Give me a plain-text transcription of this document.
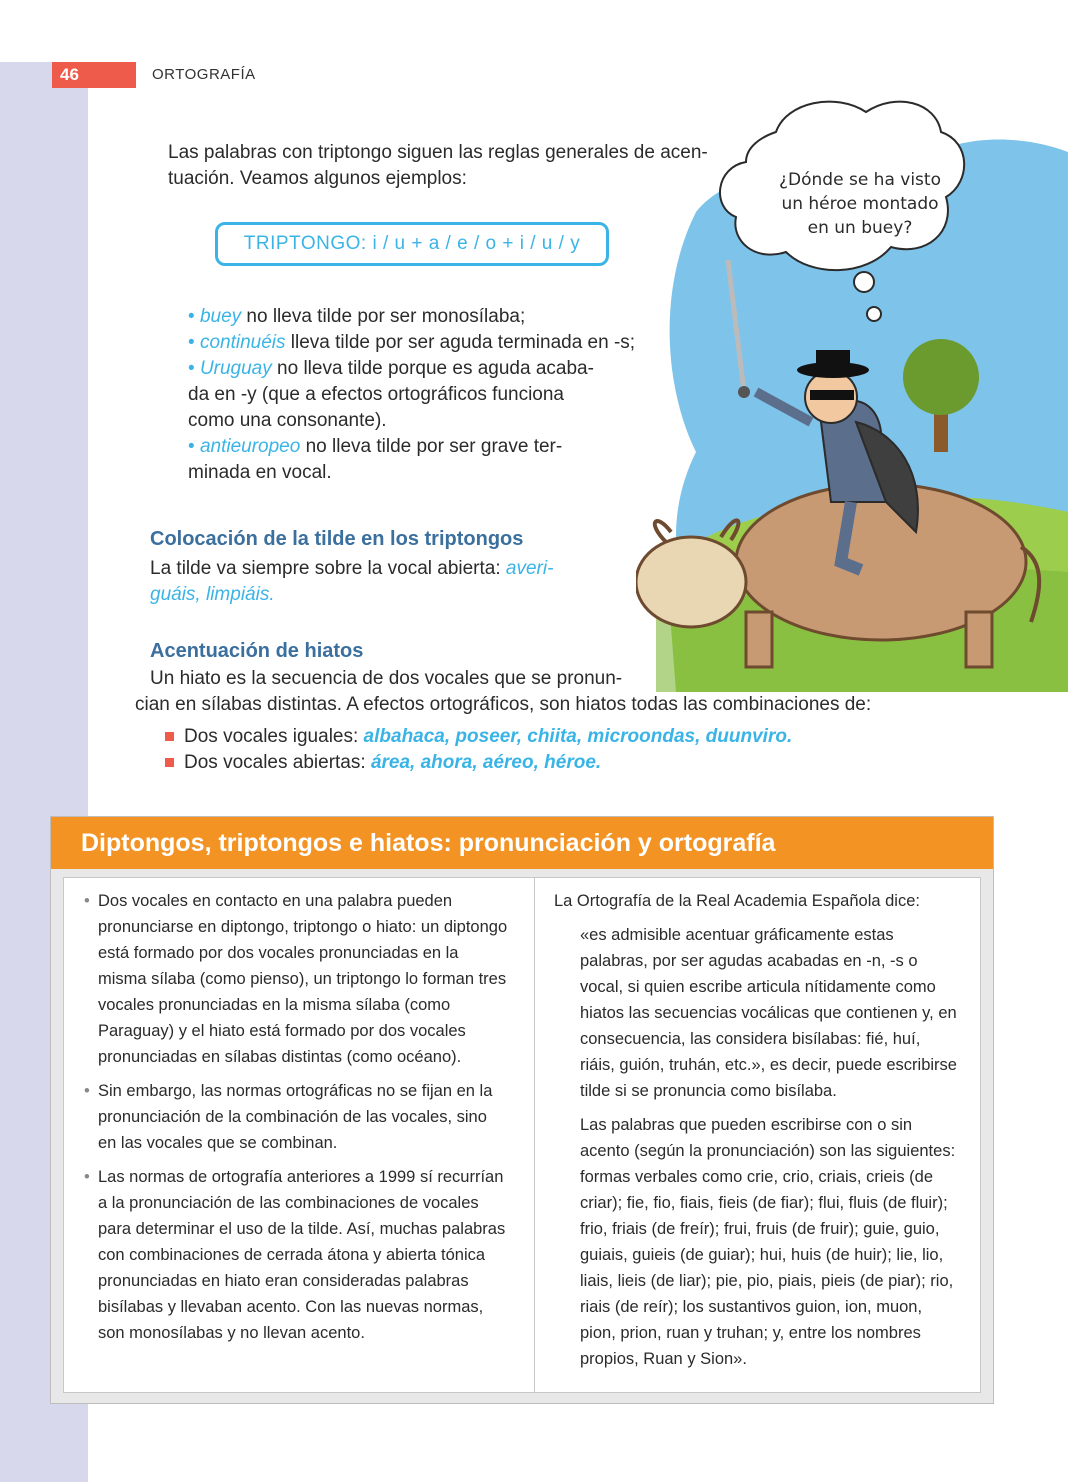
46	ORTOGRAFÍA
¿Dónde se ha visto
un héroe montado
en un buey?

Las palabras con triptongo siguen las reglas generales de acen-

tuación. Veamos algunos ejemplos:

TRIPTONGO: i / u + a / e / o + i / u / y

• buey no lleva tilde por ser monosílaba;

• continuéis lleva tilde por ser aguda terminada en -s;

• Uruguay no lleva tilde porque es aguda acaba-

da en -y (que a efectos ortográficos funciona

como una consonante).

• antieuropeo no lleva tilde por ser grave ter-

minada en vocal.

Colocación de la tilde en los triptongos

La tilde va siempre sobre la vocal abierta: averi-

guáis, limpiáis.

Acentuación de hiatos

Un hiato es la secuencia de dos vocales que se pronun-

cian en sílabas distintas. A efectos ortográficos, son hiatos todas las combinaciones de:

Dos vocales iguales: albahaca, poseer, chiita, microondas, duunviro.

Dos vocales abiertas: área, ahora, aéreo, héroe.

Diptongos, triptongos e hiatos: pronunciación y ortografía
• Dos vocales en contacto en una palabra pueden pronunciarse en diptongo, triptongo o hiato: un diptongo está formado por dos vocales pronunciadas en la misma sílaba (como pienso), un triptongo lo forman tres vocales pronunciadas en la misma sílaba (como Paraguay) y el hiato está formado por dos vocales pronunciadas en sílabas distintas (como océano).
• Sin embargo, las normas ortográficas no se fijan en la pronunciación de la combinación de las vocales, sino en las vocales que se combinan.
• Las normas de ortografía anteriores a 1999 sí recurrían a la pronunciación de las combinaciones de vocales para determinar el uso de la tilde. Así, muchas palabras con combinaciones de cerrada átona y abierta tónica pronunciadas en hiato eran consideradas palabras bisílabas y llevaban acento. Con las nuevas normas, son monosílabas y no llevan acento.

La Ortografía de la Real Academia Española dice:

«es admisible acentuar gráficamente estas palabras, por ser agudas acabadas en -n, -s o vocal, si quien escribe articula nítidamente como hiatos las secuencias vocálicas que contienen y, en consecuencia, las considera bisílabas: fié, huí, riáis, guión, truhán, etc.», es decir, puede escribirse tilde si se pronuncia como bisílaba.

Las palabras que pueden escribirse con o sin acento (según la pronunciación) son las siguientes: formas verbales como crie, crio, criais, crieis (de criar); fie, fio, fiais, fieis (de fiar); flui, fluis (de fluir); frio, friais (de freír); frui, fruis (de fruir); guie, guio, guiais, guieis (de guiar); hui, huis (de huir); lie, lio, liais, lieis (de liar); pie, pio, piais, pieis (de piar); rio, riais (de reír); los sustantivos guion, ion, muon, pion, prion, ruan y truhan; y, entre los nombres propios, Ruan y Sion».
